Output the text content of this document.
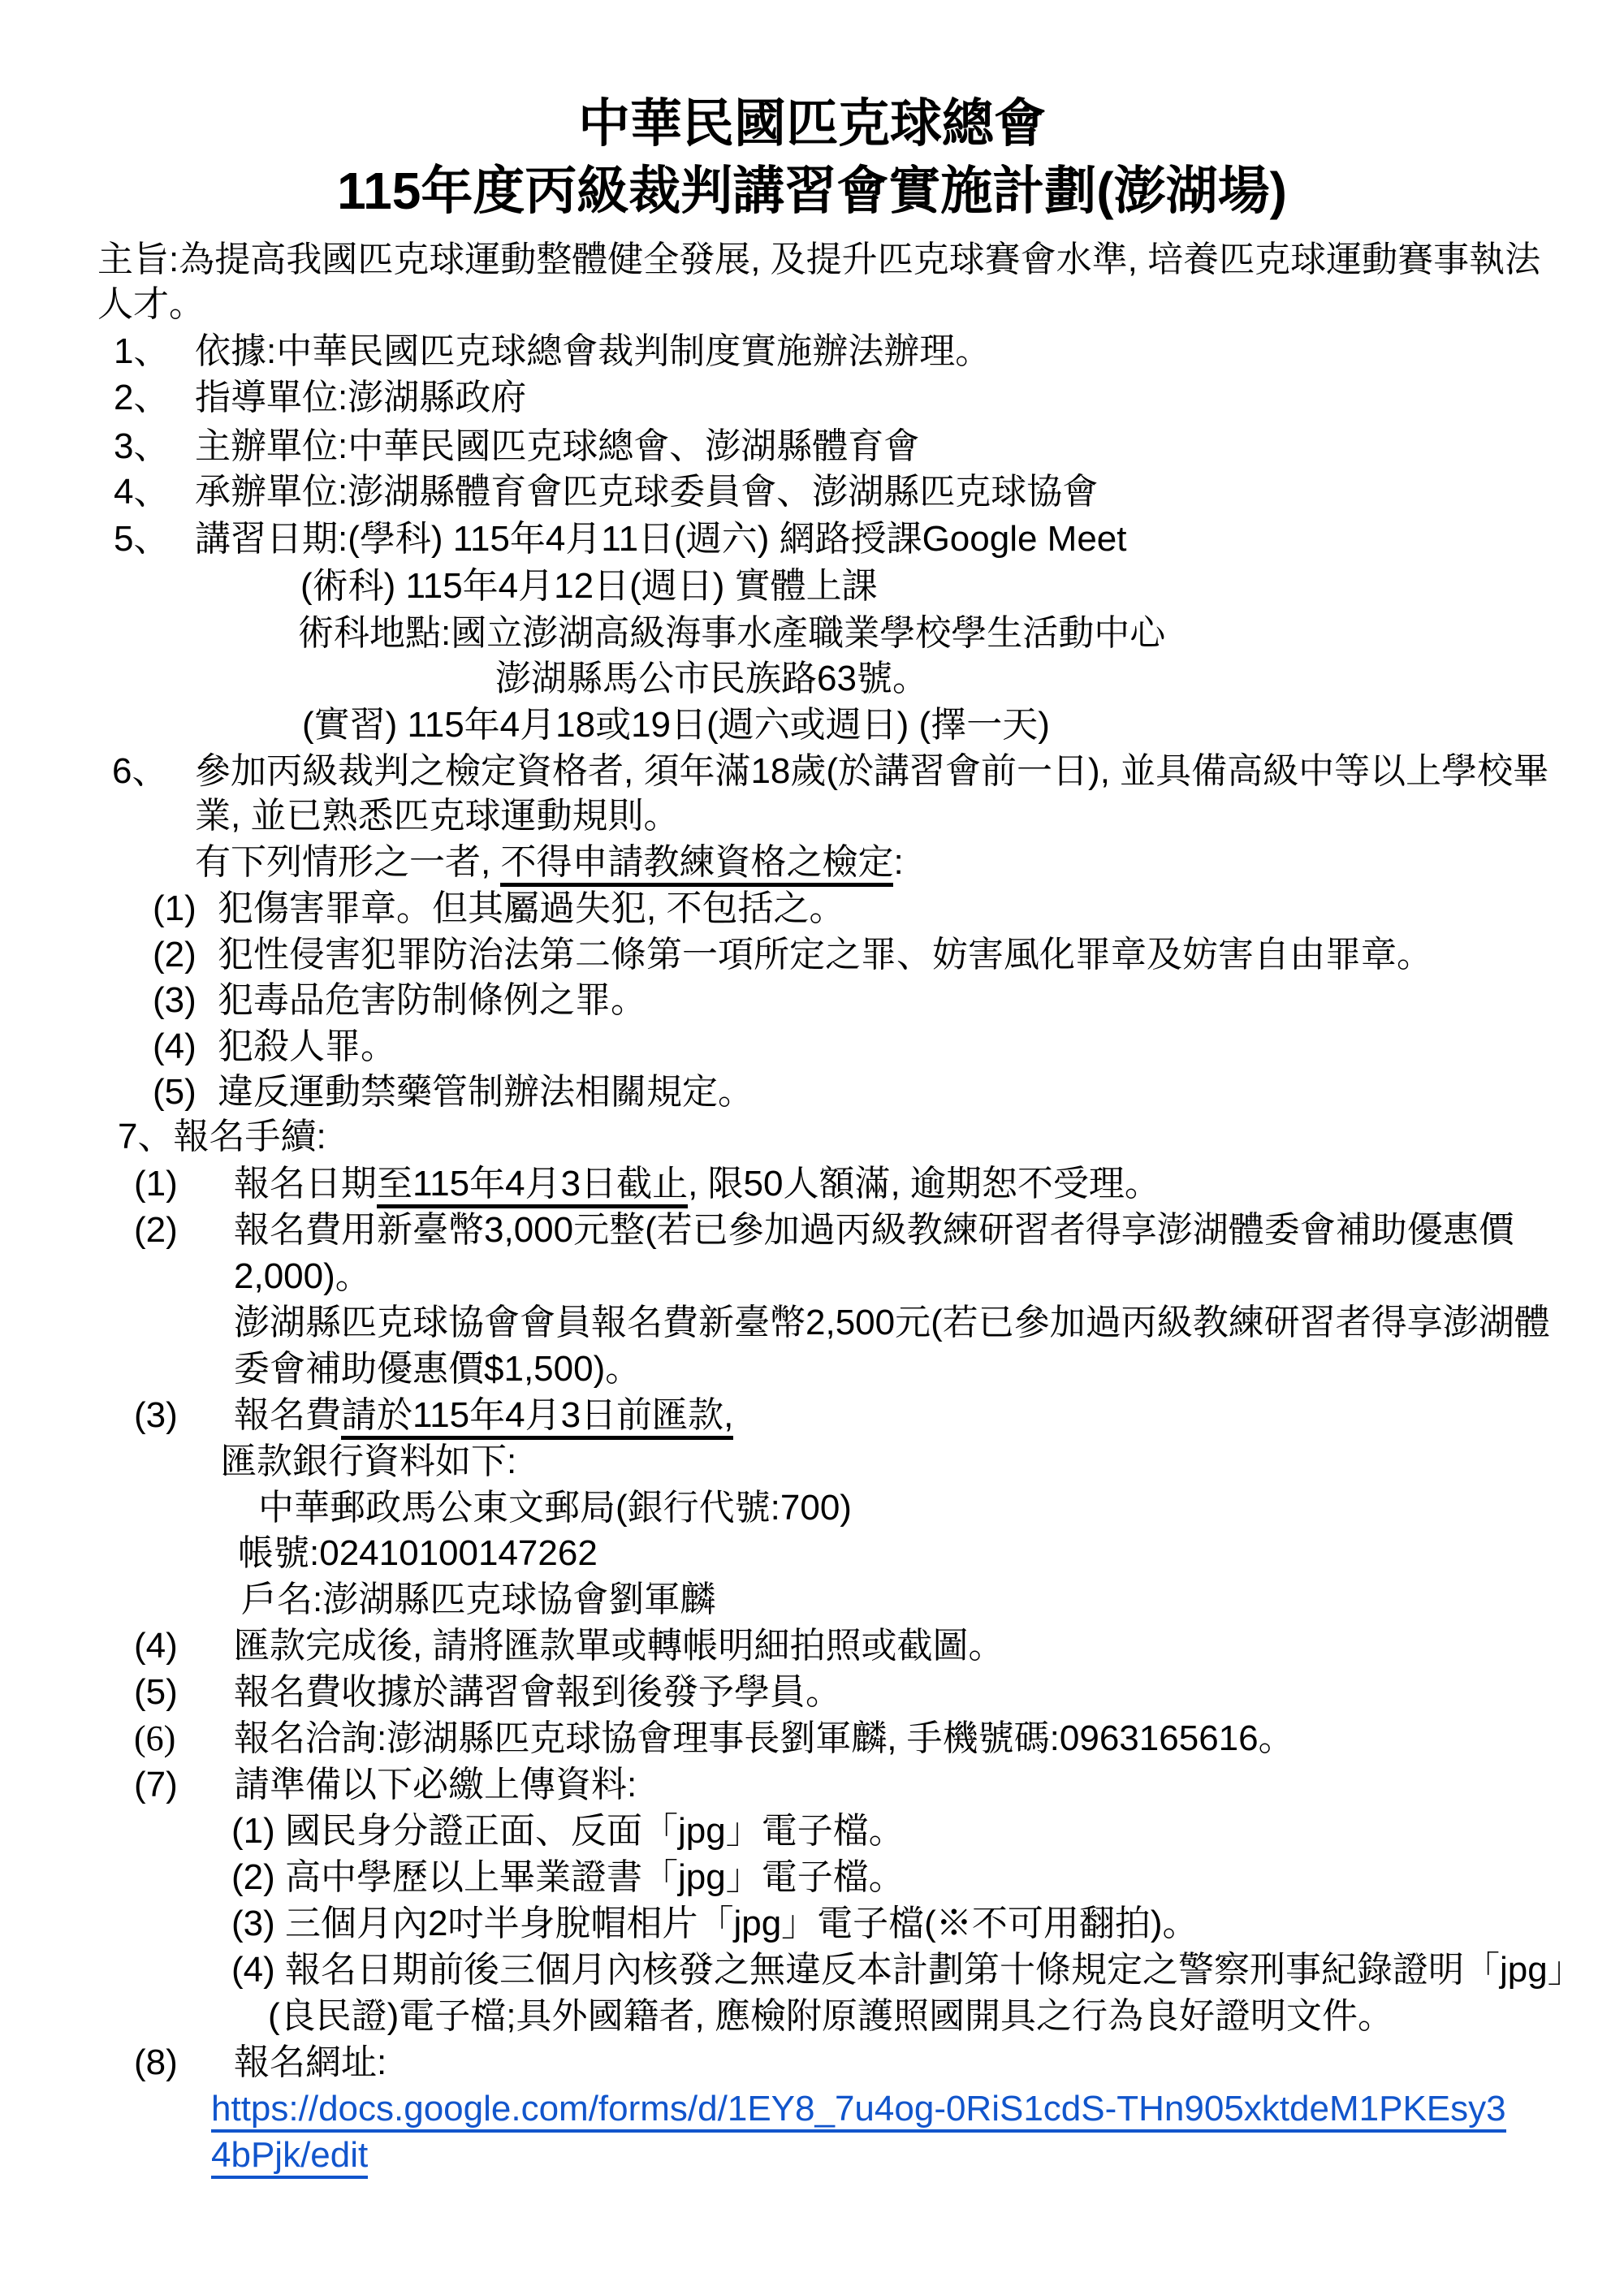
中華民國匹克球總會
115年度丙級裁判講習會實施計劃(澎湖場)
主旨:為提高我國匹克球運動整體健全發展, 及提升匹克球賽會水準, 培養匹克球運動賽事執法
人才。
1、 依據:中華民國匹克球總會裁判制度實施辦法辦理。
2、 指導單位:澎湖縣政府
3、 主辦單位:中華民國匹克球總會、澎湖縣體育會
4、 承辦單位:澎湖縣體育會匹克球委員會、澎湖縣匹克球協會
5、 講習日期:(學科) 115年4月11日(週六) 網路授課Google Meet
(術科) 115年4月12日(週日) 實體上課
術科地點:國立澎湖高級海事水產職業學校學生活動中心
澎湖縣馬公市民族路63號。
(實習) 115年4月18或19日(週六或週日) (擇一天)
6、 參加丙級裁判之檢定資格者, 須年滿18歲(於講習會前一日), 並具備高級中等以上學校畢
業, 並已熟悉匹克球運動規則。
有下列情形之一者, 不得申請教練資格之檢定:
(1) 犯傷害罪章。但其屬過失犯, 不包括之。
(2) 犯性侵害犯罪防治法第二條第一項所定之罪、妨害風化罪章及妨害自由罪章。
(3) 犯毒品危害防制條例之罪。
(4) 犯殺人罪。
(5) 違反運動禁藥管制辦法相關規定。
7、報名手續:
(1) 報名日期至115年4月3日截止, 限50人額滿, 逾期恕不受理。
(2) 報名費用新臺幣3,000元整(若已參加過丙級教練研習者得享澎湖體委會補助優惠價
2,000)。
澎湖縣匹克球協會會員報名費新臺幣2,500元(若已參加過丙級教練研習者得享澎湖體
委會補助優惠價$1,500)。
(3) 報名費請於115年4月3日前匯款,
匯款銀行資料如下:
中華郵政馬公東文郵局(銀行代號:700)
帳號:02410100147262
戶名:澎湖縣匹克球協會劉軍麟
(4) 匯款完成後, 請將匯款單或轉帳明細拍照或截圖。
(5) 報名費收據於講習會報到後發予學員。
(6) 報名洽詢:澎湖縣匹克球協會理事長劉軍麟, 手機號碼:0963165616。
(7) 請準備以下必繳上傳資料:
(1) 國民身分證正面、反面「jpg」電子檔。
(2) 高中學歷以上畢業證書「jpg」電子檔。
(3) 三個月內2吋半身脫帽相片「jpg」電子檔(※不可用翻拍)。
(4) 報名日期前後三個月內核發之無違反本計劃第十條規定之警察刑事紀錄證明「jpg」
(良民證)電子檔;具外國籍者, 應檢附原護照國開具之行為良好證明文件。
(8) 報名網址:
https://docs.google.com/forms/d/1EY8_7u4og-0RiS1cdS-THn905xktdeM1PKEsy3
4bPjk/edit
